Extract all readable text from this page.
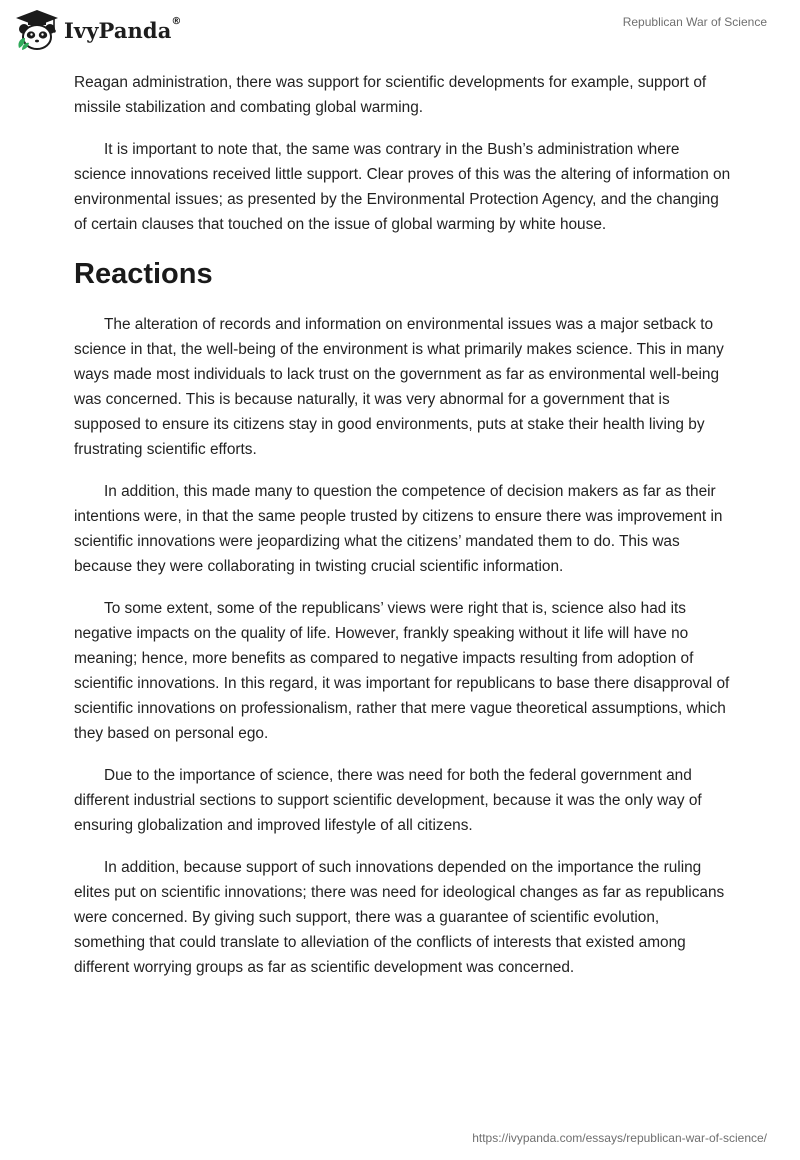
IvyPanda®	Republican War of Science

Reagan administration, there was support for scientific developments for example, support of missile stabilization and combating global warming.

It is important to note that, the same was contrary in the Bush’s administration where science innovations received little support. Clear proves of this was the altering of information on environmental issues; as presented by the Environmental Protection Agency, and the changing of certain clauses that touched on the issue of global warming by white house.

Reactions

The alteration of records and information on environmental issues was a major setback to science in that, the well-being of the environment is what primarily makes science. This in many ways made most individuals to lack trust on the government as far as environmental well-being was concerned. This is because naturally, it was very abnormal for a government that is supposed to ensure its citizens stay in good environments, puts at stake their health living by frustrating scientific efforts.

In addition, this made many to question the competence of decision makers as far as their intentions were, in that the same people trusted by citizens to ensure there was improvement in scientific innovations were jeopardizing what the citizens’ mandated them to do. This was because they were collaborating in twisting crucial scientific information.

To some extent, some of the republicans’ views were right that is, science also had its negative impacts on the quality of life. However, frankly speaking without it life will have no meaning; hence, more benefits as compared to negative impacts resulting from adoption of scientific innovations. In this regard, it was important for republicans to base there disapproval of scientific innovations on professionalism, rather that mere vague theoretical assumptions, which they based on personal ego.

Due to the importance of science, there was need for both the federal government and different industrial sections to support scientific development, because it was the only way of ensuring globalization and improved lifestyle of all citizens.

In addition, because support of such innovations depended on the importance the ruling elites put on scientific innovations; there was need for ideological changes as far as republicans were concerned. By giving such support, there was a guarantee of scientific evolution, something that could translate to alleviation of the conflicts of interests that existed among different worrying groups as far as scientific development was concerned.

https://ivypanda.com/essays/republican-war-of-science/
